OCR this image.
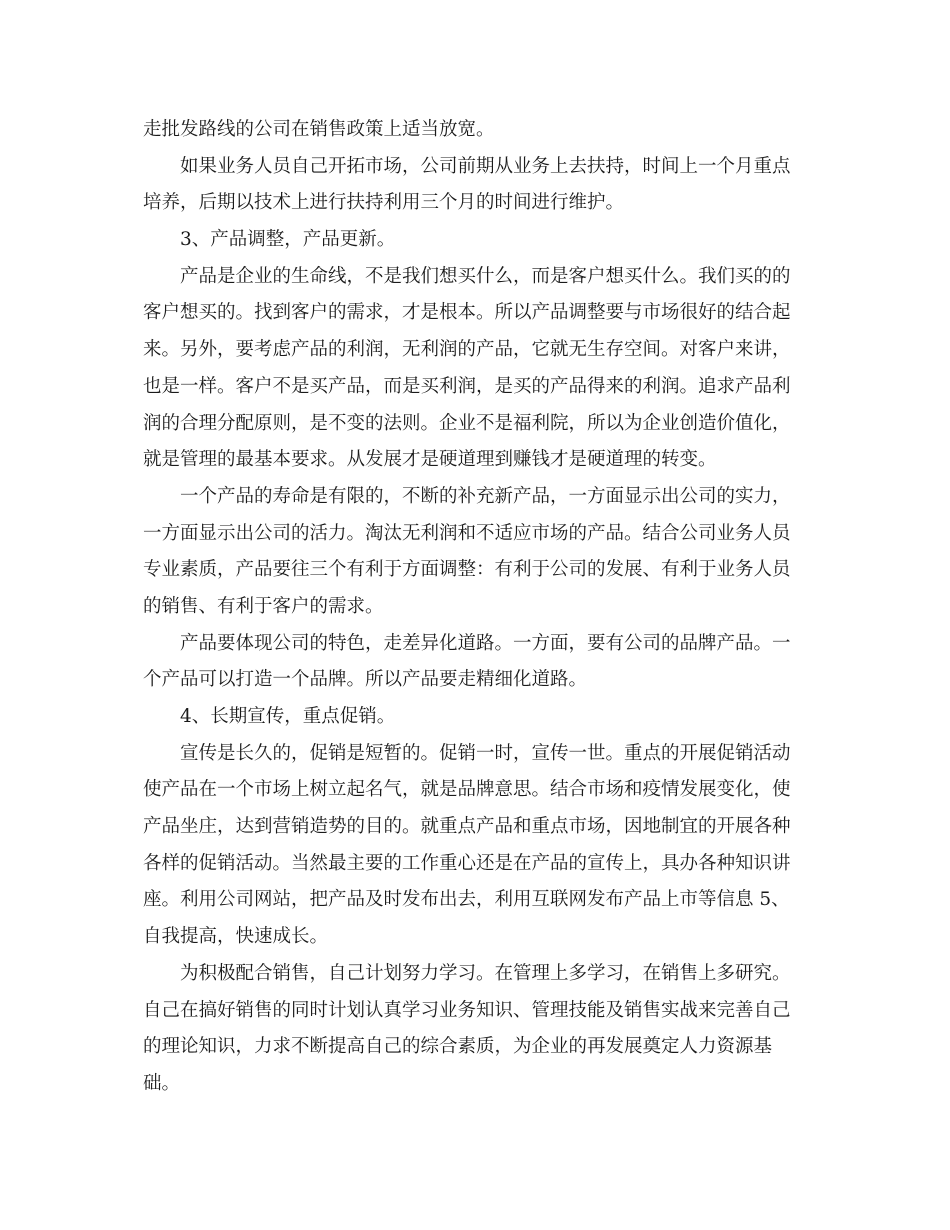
走批发路线的公司在销售政策上适当放宽。
如果业务人员自己开拓市场，公司前期从业务上去扶持，时间上一个月重点
培养，后期以技术上进行扶持利用三个月的时间进行维护。
3、产品调整，产品更新。
产品是企业的生命线，不是我们想买什么，而是客户想买什么。我们买的的
客户想买的。找到客户的需求，才是根本。所以产品调整要与市场很好的结合起
来。另外，要考虑产品的利润，无利润的产品，它就无生存空间。对客户来讲，
也是一样。客户不是买产品，而是买利润，是买的产品得来的利润。追求产品利
润的合理分配原则，是不变的法则。企业不是福利院，所以为企业创造价值化，
就是管理的最基本要求。从发展才是硬道理到赚钱才是硬道理的转变。
一个产品的寿命是有限的，不断的补充新产品，一方面显示出公司的实力，
一方面显示出公司的活力。淘汰无利润和不适应市场的产品。结合公司业务人员
专业素质，产品要往三个有利于方面调整：有利于公司的发展、有利于业务人员
的销售、有利于客户的需求。
产品要体现公司的特色，走差异化道路。一方面，要有公司的品牌产品。一
个产品可以打造一个品牌。所以产品要走精细化道路。
4、长期宣传，重点促销。
宣传是长久的，促销是短暂的。促销一时，宣传一世。重点的开展促销活动
使产品在一个市场上树立起名气，就是品牌意思。结合市场和疫情发展变化，使
产品坐庄，达到营销造势的目的。就重点产品和重点市场，因地制宜的开展各种
各样的促销活动。当然最主要的工作重心还是在产品的宣传上，具办各种知识讲
座。利用公司网站，把产品及时发布出去，利用互联网发布产品上市等信息 5、
自我提高，快速成长。
为积极配合销售，自己计划努力学习。在管理上多学习，在销售上多研究。
自己在搞好销售的同时计划认真学习业务知识、管理技能及销售实战来完善自己
的理论知识，力求不断提高自己的综合素质，为企业的再发展奠定人力资源基
础。
